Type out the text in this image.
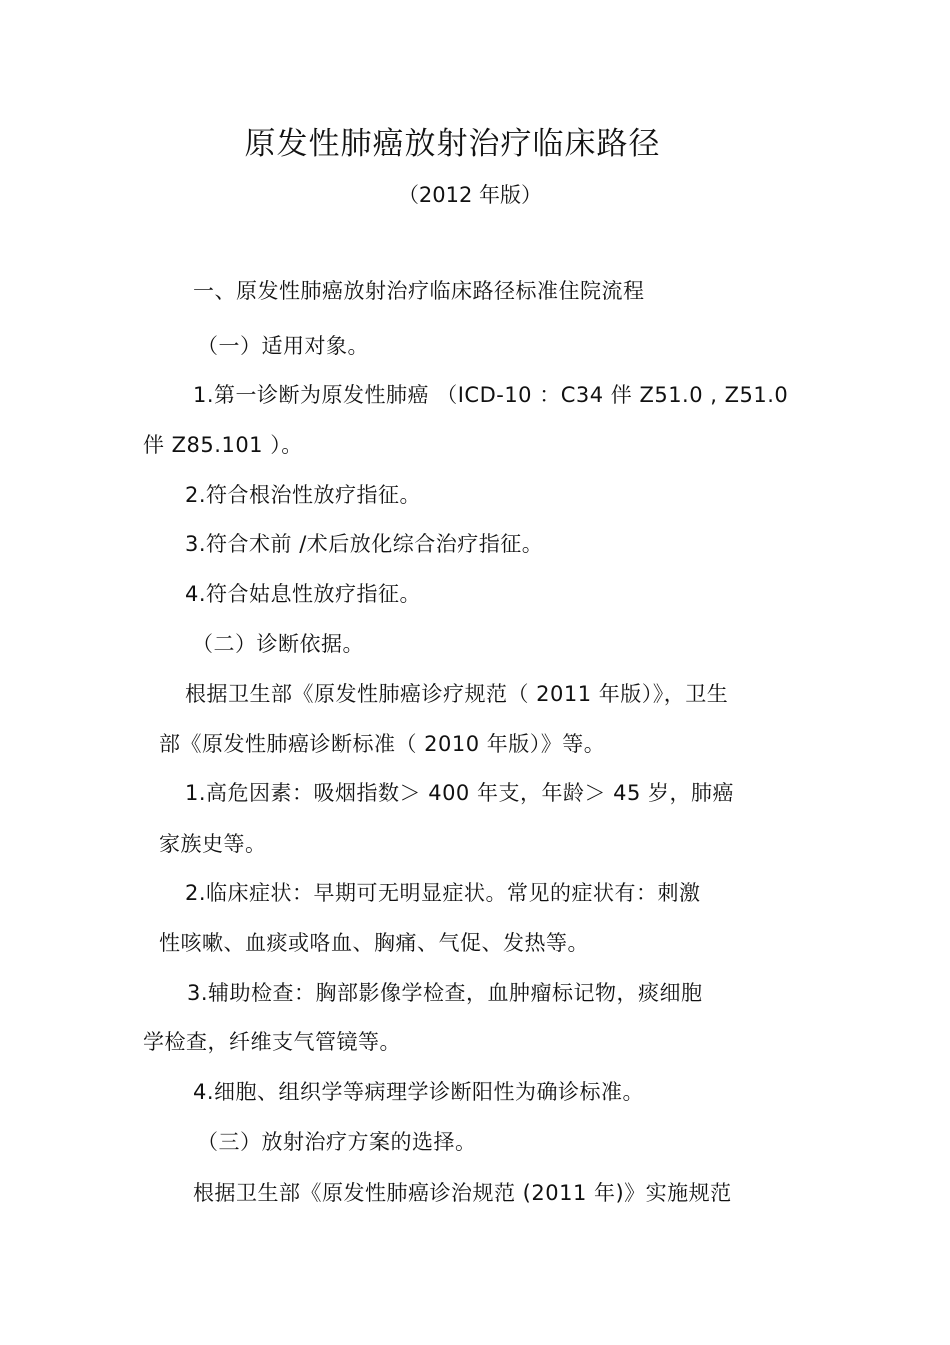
原发性肺癌放射治疗临床路径
（2012 年版）
一、原发性肺癌放射治疗临床路径标准住院流程
（一）适用对象。
1.第一诊断为原发性肺癌 （ICD-10 ：C34 伴 Z51.0 , Z51.0
伴 Z85.101 ）。
2.符合根治性放疗指征。
3.符合术前 /术后放化综合治疗指征。
4.符合姑息性放疗指征。
（二）诊断依据。
根据卫生部《原发性肺癌诊疗规范（ 2011 年版）》，卫生
部《原发性肺癌诊断标准（ 2010 年版）》等。
1.高危因素：吸烟指数＞ 400 年支，年龄＞ 45 岁，肺癌
家族史等。
2.临床症状：早期可无明显症状。常见的症状有：刺激
性咳嗽、血痰或咯血、胸痛、气促、发热等。
3.辅助检查：胸部影像学检查，血肿瘤标记物，痰细胞
学检查，纤维支气管镜等。
4.细胞、组织学等病理学诊断阳性为确诊标准。
（三）放射治疗方案的选择。
根据卫生部《原发性肺癌诊治规范 (2011 年)》实施规范
